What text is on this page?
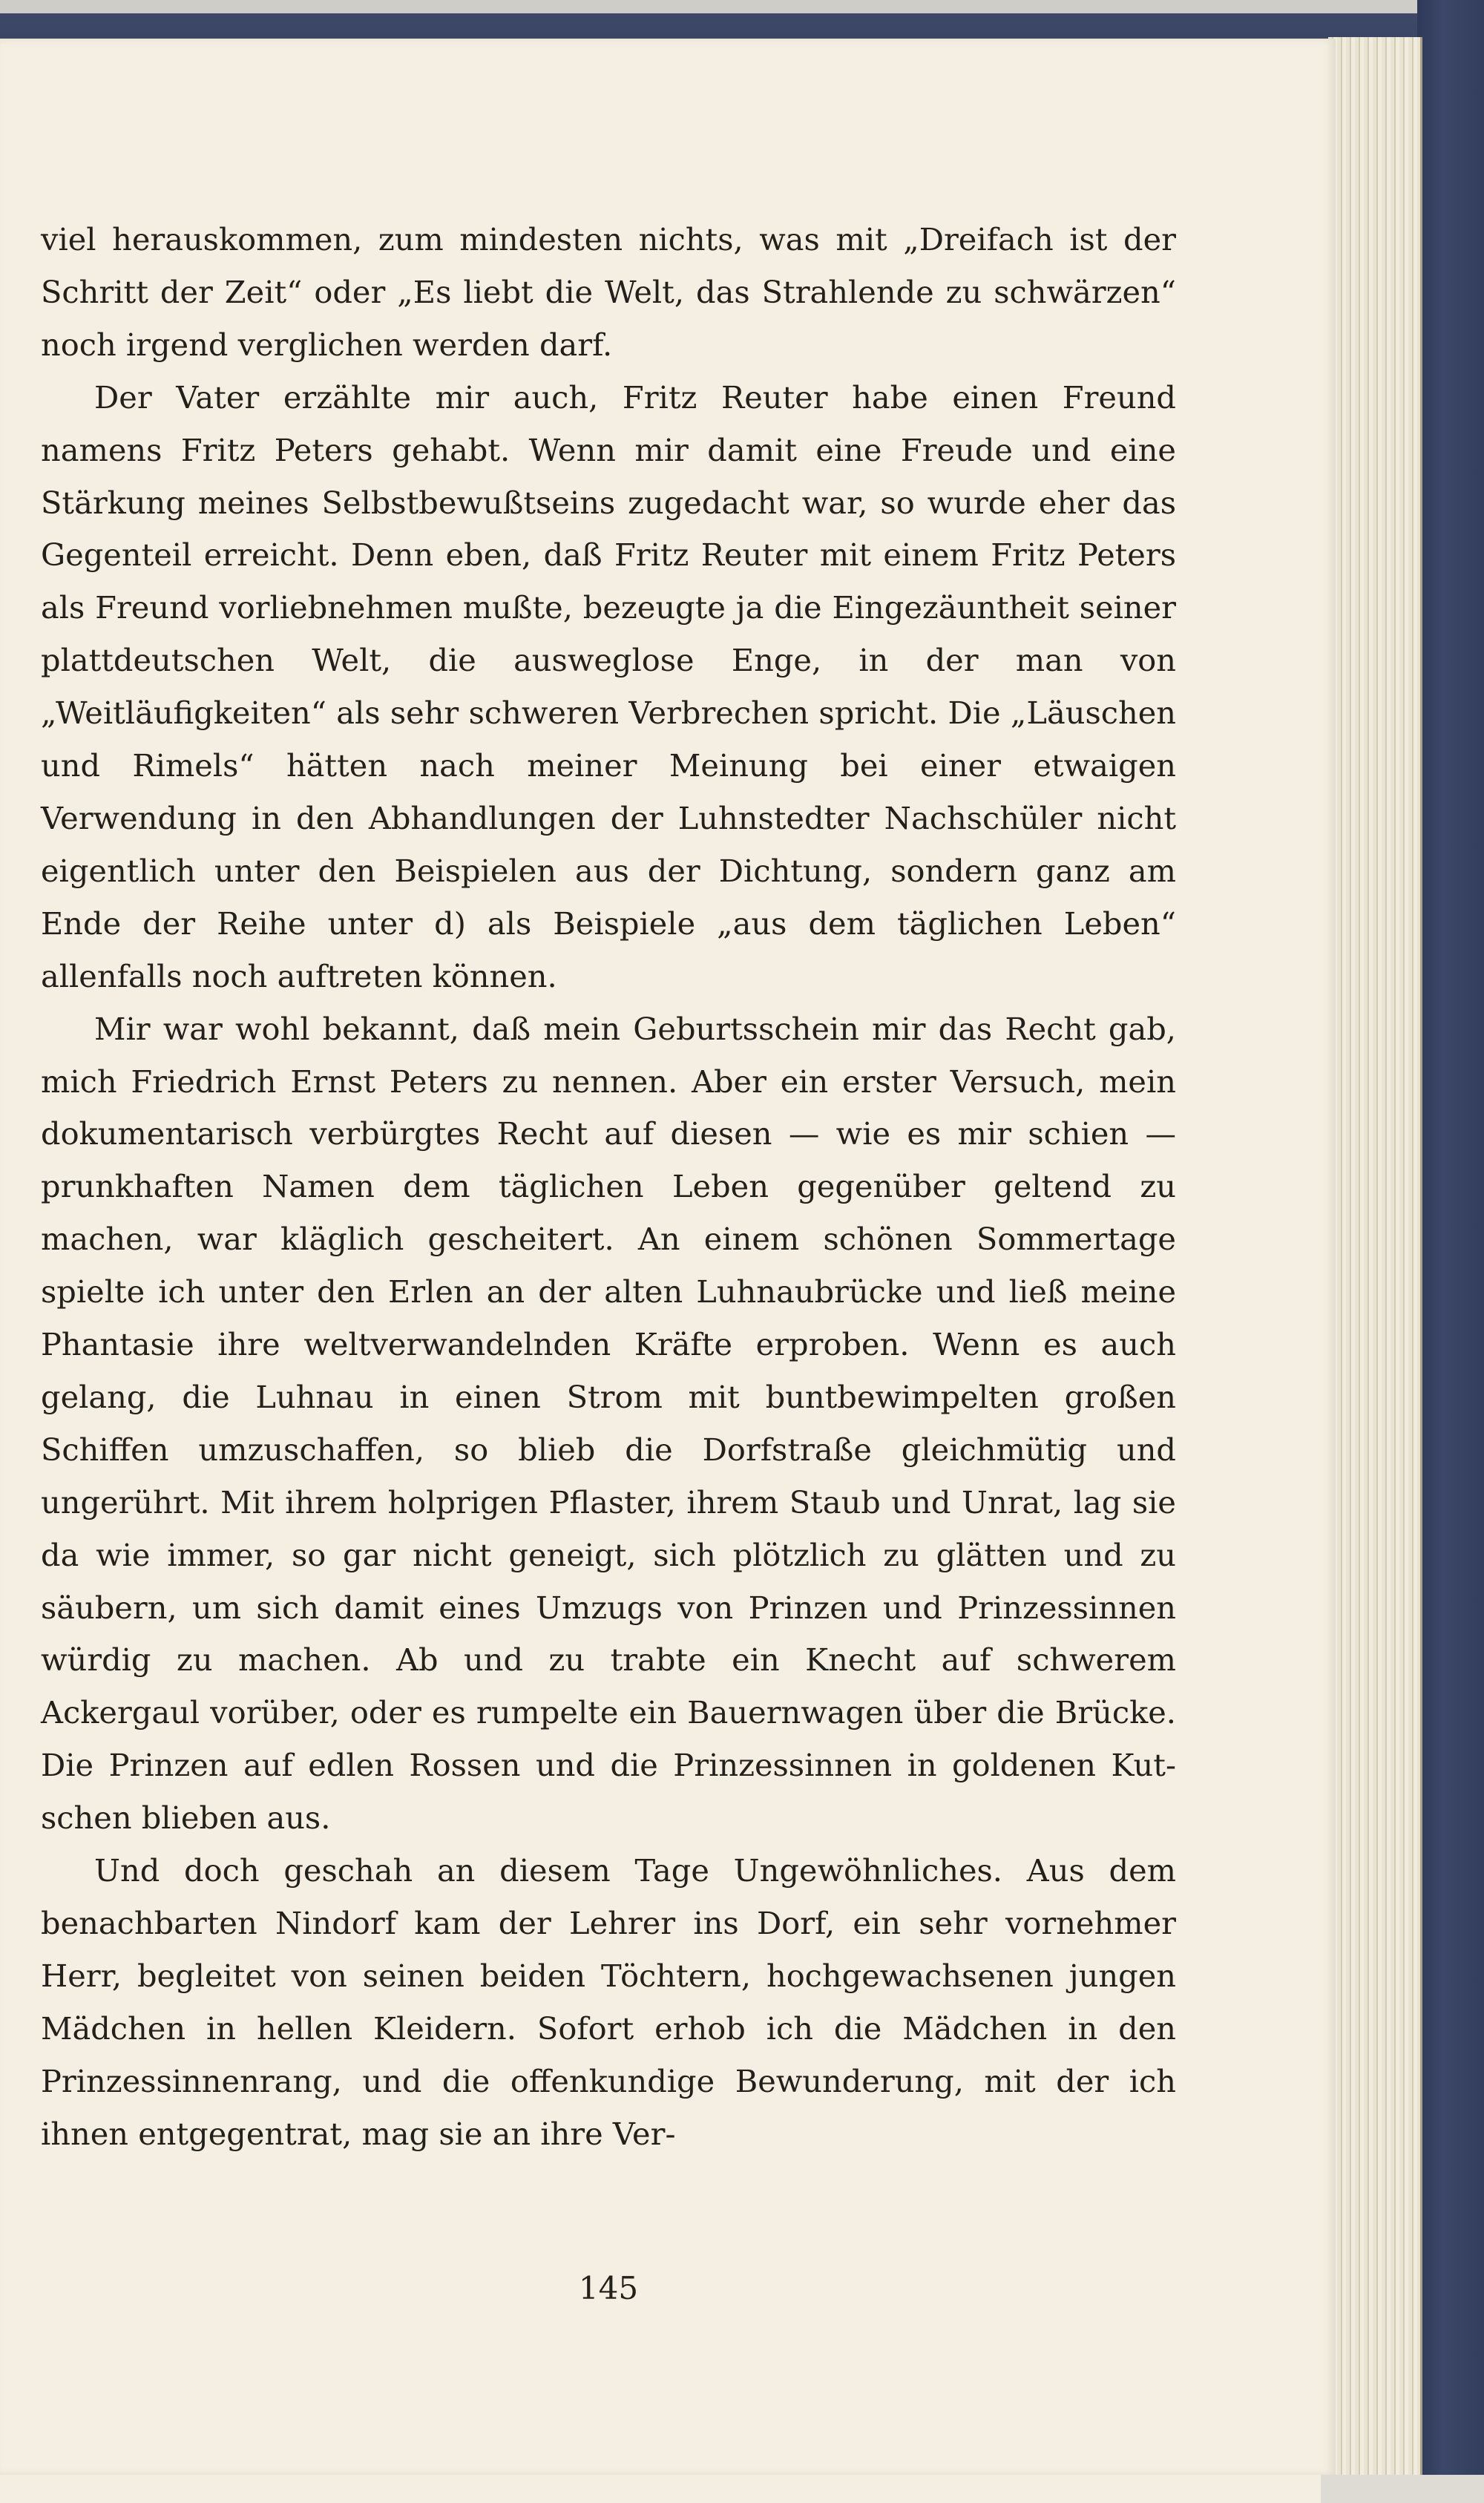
viel herauskommen, zum mindesten nichts, was mit „Dreifach ist der Schritt der Zeit“ oder „Es liebt die Welt, das Strahlende zu schwärzen“ noch irgend verglichen werden darf.

Der Vater erzählte mir auch, Fritz Reuter habe einen Freund namens Fritz Peters gehabt. Wenn mir damit eine Freude und eine Stärkung meines Selbstbewußtseins zugedacht war, so wurde eher das Gegenteil erreicht. Denn eben, daß Fritz Reuter mit einem Fritz Peters als Freund vorliebnehmen mußte, bezeugte ja die Eingezäuntheit seiner plattdeutschen Welt, die ausweglose Enge, in der man von „Weitläufigkeiten“ als sehr schweren Verbrechen spricht. Die „Läuschen und Rimels“ hätten nach meiner Meinung bei einer etwaigen Verwendung in den Abhandlungen der Luhnstedter Nachschüler nicht eigentlich unter den Beispielen aus der Dichtung, sondern ganz am Ende der Reihe unter d) als Beispiele „aus dem täglichen Leben“ allenfalls noch auftreten können.

Mir war wohl bekannt, daß mein Geburtsschein mir das Recht gab, mich Friedrich Ernst Peters zu nennen. Aber ein erster Versuch, mein dokumentarisch verbürgtes Recht auf diesen — wie es mir schien — prunkhaften Namen dem täglichen Leben gegenüber geltend zu machen, war kläglich gescheitert. An einem schönen Sommertage spielte ich unter den Erlen an der alten Luhnaubrücke und ließ meine Phantasie ihre weltverwandelnden Kräfte erproben. Wenn es auch gelang, die Luhnau in einen Strom mit buntbewimpelten großen Schiffen umzuschaffen, so blieb die Dorfstraße gleichmütig und ungerührt. Mit ihrem holprigen Pflaster, ihrem Staub und Unrat, lag sie da wie immer, so gar nicht geneigt, sich plötzlich zu glätten und zu säubern, um sich damit eines Umzugs von Prinzen und Prinzessinnen würdig zu machen. Ab und zu trabte ein Knecht auf schwerem Ackergaul vorüber, oder es rumpelte ein Bauernwagen über die Brücke. Die Prinzen auf edlen Rossen und die Prinzessinnen in goldenen Kutschen blieben aus.

Und doch geschah an diesem Tage Ungewöhnliches. Aus dem benachbarten Nindorf kam der Lehrer ins Dorf, ein sehr vornehmer Herr, begleitet von seinen beiden Töchtern, hochgewachsenen jungen Mädchen in hellen Kleidern. Sofort erhob ich die Mädchen in den Prinzessinnenrang, und die offenkundige Bewunderung, mit der ich ihnen entgegentrat, mag sie an ihre Ver-

145
